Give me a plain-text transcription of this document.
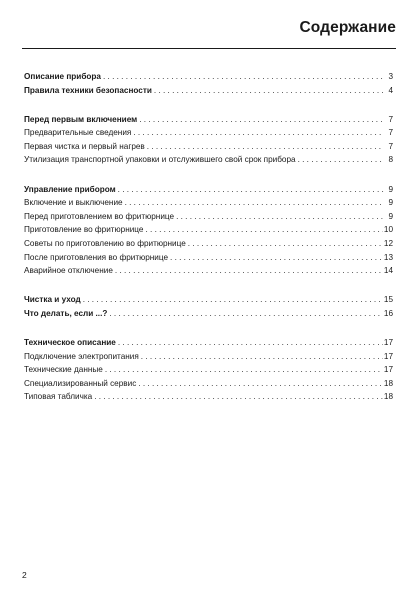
Содержание
Описание прибора . . .	3
Правила техники безопасности . . .	4
Перед первым включением . . .	7
Предварительные сведения . . .	7
Первая чистка и первый нагрев . . .	7
Утилизация транспортной упаковки и отслужившего свой срок прибора . . .	8
Управление прибором . . .	9
Включение и выключение . . .	9
Перед приготовлением во фритюрнице . . .	9
Приготовление во фритюрнице . . .	10
Советы по приготовлению во фритюрнице . . .	12
После приготовления во фритюрнице . . .	13
Аварийное отключение . . .	14
Чистка и уход . . .	15
Что делать, если ...? . . .	16
Техническое описание . . .	17
Подключение электропитания . . .	17
Технические данные . . .	17
Специализированный сервис . . .	18
Типовая табличка . . .	18
2
